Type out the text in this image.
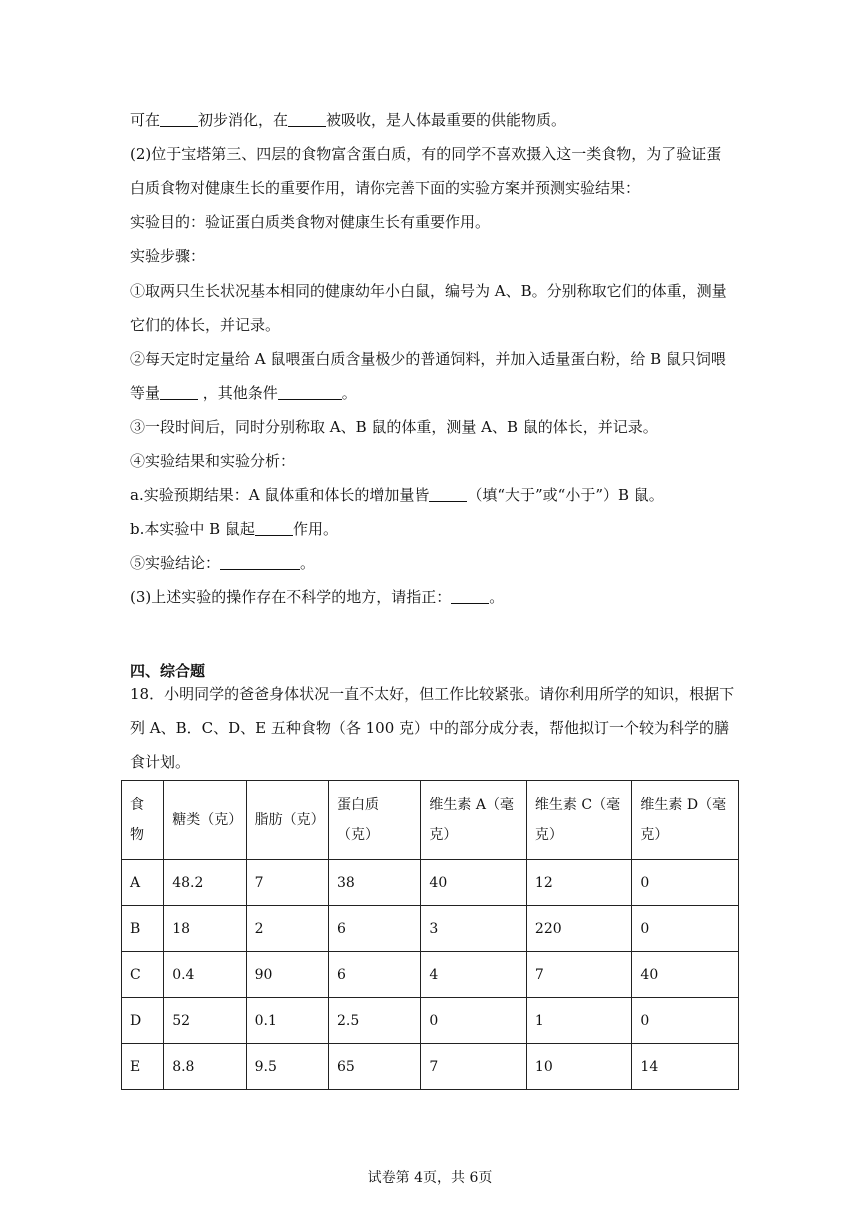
可在	初步消化，在	被吸收，是人体最重要的供能物质。
(2)位于宝塔第三、四层的食物富含蛋白质，有的同学不喜欢摄入这一类食物，为了验证蛋
白质食物对健康生长的重要作用，请你完善下面的实验方案并预测实验结果：
实验目的：验证蛋白质类食物对健康生长有重要作用。
实验步骤：
①取两只生长状况基本相同的健康幼年小白鼠，编号为 A、B。分别称取它们的体重，测量
它们的体长，并记录。
②每天定时定量给 A 鼠喂蛋白质含量极少的普通饲料，并加入适量蛋白粉，给 B 鼠只饲喂
等量	，其他条件	。
③一段时间后，同时分别称取 A、B 鼠的体重，测量 A、B 鼠的体长，并记录。
④实验结果和实验分析：
a.实验预期结果：A 鼠体重和体长的增加量皆	（填“大于”或“小于”）B 鼠。
b.本实验中 B 鼠起	作用。
⑤实验结论：	。
(3)上述实验的操作存在不科学的地方，请指正：	。
四、综合题
18．小明同学的爸爸身体状况一直不太好，但工作比较紧张。请你利用所学的知识，根据下
列 A、B．C、D、E 五种食物（各 100 克）中的部分成分表，帮他拟订一个较为科学的膳
食计划。
食物	糖类（克）	脂肪（克）	蛋白质（克）	维生素 A（毫克）	维生素 C（毫克）	维生素 D（毫克）
A	48.2	7	38	40	12	0
B	18	2	6	3	220	0
C	0.4	90	6	4	7	40
D	52	0.1	2.5	0	1	0
E	8.8	9.5	65	7	10	14
试卷第 4页，共 6页
